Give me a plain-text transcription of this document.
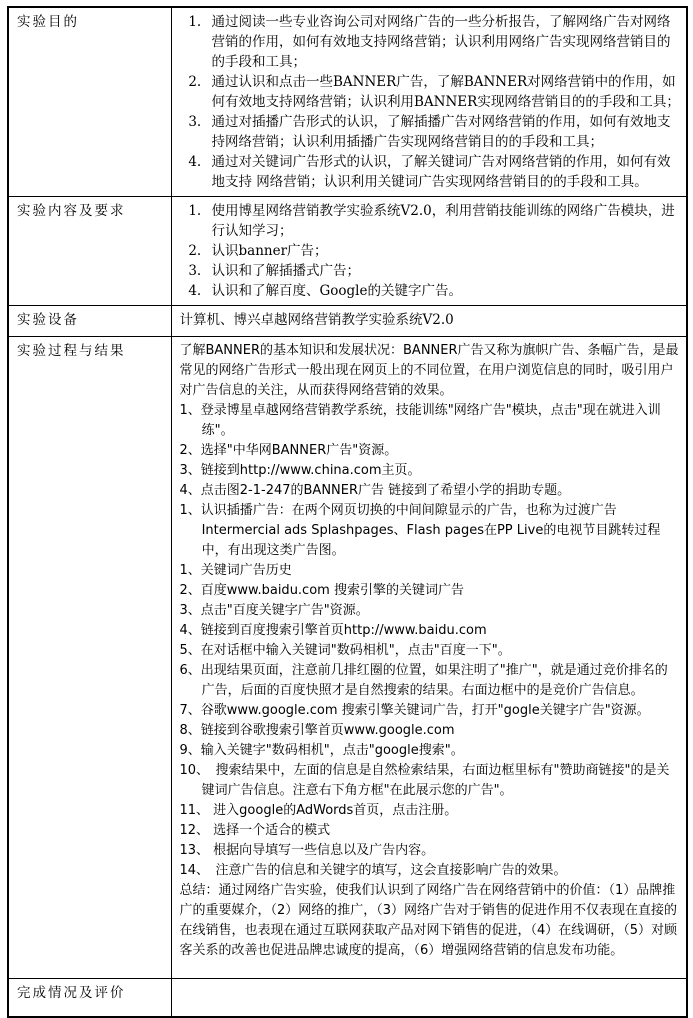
实验目的	
1.通过阅读一些专业咨询公司对网络广告的一些分析报告，了解网络广告对网络营销的作用，如何有效地支持网络营销；认识利用网络广告实现网络营销目的的手段和工具；
2. 通过认识和点击一些BANNER广告，了解BANNER对网络营销中的作用，如何有效地支持网络营销；认识利用BANNER实现网络营销目的的手段和工具；
3. 通过对插播广告形式的认识，了解插播广告对网络营销的作用，如何有效地支持网络营销；认识利用插播广告实现网络营销目的的手段和工具；
4. 通过对关键词广告形式的认识，了解关键词广告对网络营销的作用，如何有效地支持 网络营销；认识利用关键词广告实现网络营销目的的手段和工具。

实验内容及要求	
1.使用博星网络营销教学实验系统V2.0，利用营销技能训练的网络广告模块，进行认知学习；
2. 认识banner广告；
3. 认识和了解插播式广告；
4. 认识和了解百度、Google的关键字广告。

实验设备	计算机、博兴卓越网络营销教学实验系统V2.0

实验过程与结果	了解BANNER的基本知识和发展状况：BANNER广告又称为旗帜广告、条幅广告，是最常见的网络广告形式一般出现在网页上的不同位置，在用户浏览信息的同时，吸引用户对广告信息的关注，从而获得网络营销的效果。

1、登录博星卓越网络营销教学系统，技能训练"网络广告"模块，点击"现在就进入训练"。

2、选择"中华网BANNER广告"资源。

3、链接到http://www.china.com主页。

4、点击图2-1-247的BANNER广告 链接到了希望小学的捐助专题。

1、认识插播广告：在两个网页切换的中间间隙显示的广告，也称为过渡广告 Intermercial ads Splashpages、Flash pages在PP Live的电视节目跳转过程中，有出现这类广告图。

1、关键词广告历史

2、百度www.baidu.com 搜索引擎的关键词广告

3、点击"百度关键字广告"资源。

4、链接到百度搜索引擎首页http://www.baidu.com

5、在对话框中输入关键词"数码相机"，点击"百度一下"。

6、出现结果页面，注意前几排红圈的位置，如果注明了"推广"，就是通过竞价排名的广告，后面的百度快照才是自然搜索的结果。右面边框中的是竞价广告信息。

7、谷歌www.google.com 搜索引擎关键词广告，打开"gogle关键字广告"资源。

8、链接到谷歌搜索引擎首页www.google.com

9、输入关键字"数码相机"，点击"google搜索"。

10、　搜索结果中，左面的信息是自然检索结果，右面边框里标有"赞助商链接"的是关键词广告信息。注意右下角方框"在此展示您的广告"。

11、 进入google的AdWords首页，点击注册。

12、 选择一个适合的模式

13、 根据向导填写一些信息以及广告内容。

14、　注意广告的信息和关键字的填写，这会直接影响广告的效果。

总结：通过网络广告实验，使我们认识到了网络广告在网络营销中的价值：（1）品牌推广的重要媒介，（2）网络的推广，（3）网络广告对于销售的促进作用不仅表现在直接的在线销售，也表现在通过互联网获取产品对网下销售的促进，（4）在线调研，（5）对顾客关系的改善也促进品牌忠诚度的提高，（6）增强网络营销的信息发布功能。

完成情况及评价	
